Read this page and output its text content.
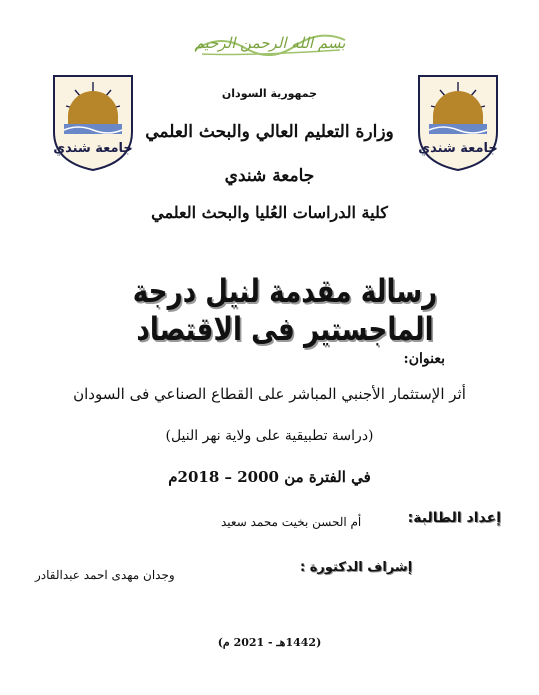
بسم الله الرحمن الرحيم
جامعة شندي	جامعة شندي
جمهورية السودان
وزارة التعليم العالي والبحث العلمي
جامعة شندي
كلية الدراسات العُليا والبحث العلمي
رسالة مقدمة لنيل درجة الماجستير فى الاقتصاد
بعنوان:
أثر الإستثمار الأجنبي المباشر على القطاع الصناعي فى السودان
(دراسة تطبيقية على ولاية نهر النيل)
في الفترة من 2000 – 2018م
إعداد الطالبة:
أم الحسن بخيت محمد سعيد
إشراف الدكتورة :
وجدان مهدى احمد عبدالقادر
(1442هـ - 2021 م)
